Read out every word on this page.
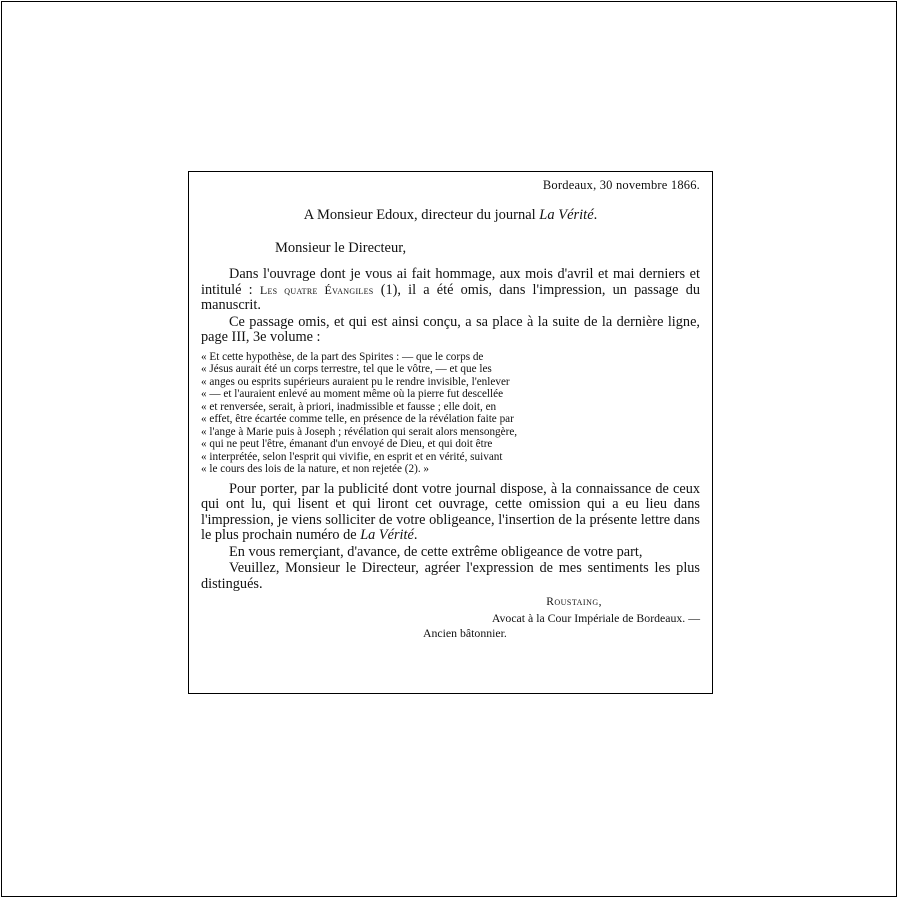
Bordeaux, 30 novembre 1866.
A Monsieur Edoux, directeur du journal La Vérité.
Monsieur le Directeur,

Dans l'ouvrage dont je vous ai fait hommage, aux mois d'avril et mai derniers et intitulé : Les quatre Évangiles (1), il a été omis, dans l'impression, un passage du manuscrit.

Ce passage omis, et qui est ainsi conçu, a sa place à la suite de la dernière ligne, page III, 3e volume :

« Et cette hypothèse, de la part des Spirites : — que le corps de
« Jésus aurait été un corps terrestre, tel que le vôtre, — et que les
« anges ou esprits supérieurs auraient pu le rendre invisible, l'enlever
« — et l'auraient enlevé au moment même où la pierre fut descellée
« et renversée, serait, à priori, inadmissible et fausse ; elle doit, en
« effet, être écartée comme telle, en présence de la révélation faite par
« l'ange à Marie puis à Joseph ; révélation qui serait alors mensongère,
« qui ne peut l'être, émanant d'un envoyé de Dieu, et qui doit être
« interprétée, selon l'esprit qui vivifie, en esprit et en vérité, suivant
« le cours des lois de la nature, et non rejetée (2). »

Pour porter, par la publicité dont votre journal dispose, à la connaissance de ceux qui ont lu, qui lisent et qui liront cet ouvrage, cette omission qui a eu lieu dans l'impression, je viens solliciter de votre obligeance, l'insertion de la présente lettre dans le plus prochain numéro de La Vérité.

En vous remerçiant, d'avance, de cette extrême obligeance de votre part,

Veuillez, Monsieur le Directeur, agréer l'expression de mes sentiments les plus distingués.

Roustaing,
Avocat à la Cour Impériale de Bordeaux. —
Ancien bâtonnier.
